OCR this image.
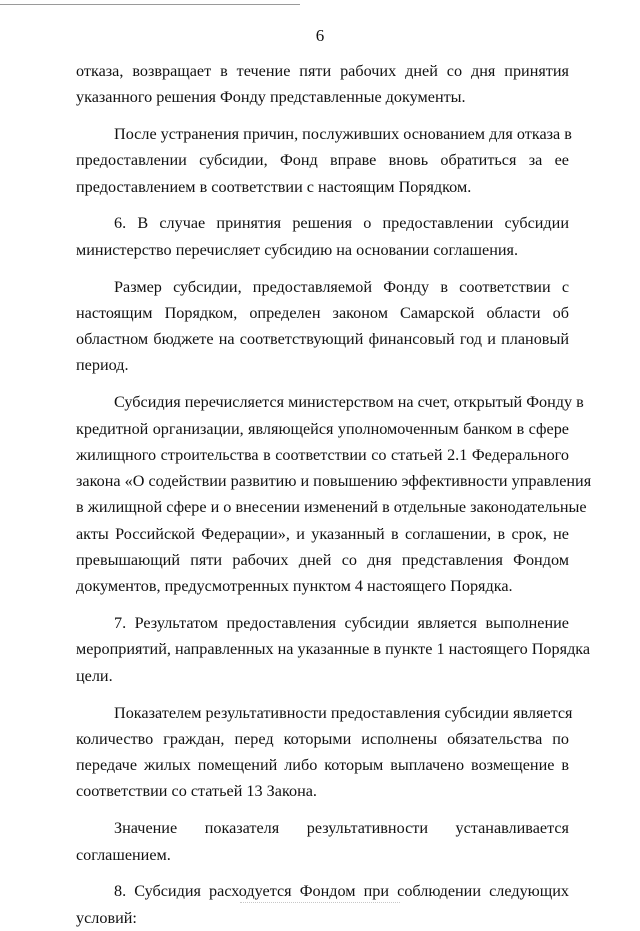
6
отказа, возвращает в течение пяти рабочих дней со дня принятия
указанного решения Фонду представленные документы.
После устранения причин, послуживших основанием для отказа в
предоставлении субсидии, Фонд вправе вновь обратиться за ее
предоставлением в соответствии с настоящим Порядком.
6. В случае принятия решения о предоставлении субсидии
министерство перечисляет субсидию на основании соглашения.
Размер субсидии, предоставляемой Фонду в соответствии с
настоящим Порядком, определен законом Самарской области об
областном бюджете на соответствующий финансовый год и плановый
период.
Субсидия перечисляется министерством на счет, открытый Фонду в
кредитной организации, являющейся уполномоченным банком в сфере
жилищного строительства в соответствии со статьей 2.1 Федерального
закона «О содействии развитию и повышению эффективности управления
в жилищной сфере и о внесении изменений в отдельные законодательные
акты Российской Федерации», и указанный в соглашении, в срок, не
превышающий пяти рабочих дней со дня представления Фондом
документов, предусмотренных пунктом 4 настоящего Порядка.
7. Результатом предоставления субсидии является выполнение
мероприятий, направленных на указанные в пункте 1 настоящего Порядка
цели.
Показателем результативности предоставления субсидии является
количество граждан, перед которыми исполнены обязательства по
передаче жилых помещений либо которым выплачено возмещение в
соответствии со статьей 13 Закона.
Значение показателя результативности устанавливается
соглашением.
8. Субсидия расходуется Фондом при соблюдении следующих
условий:
